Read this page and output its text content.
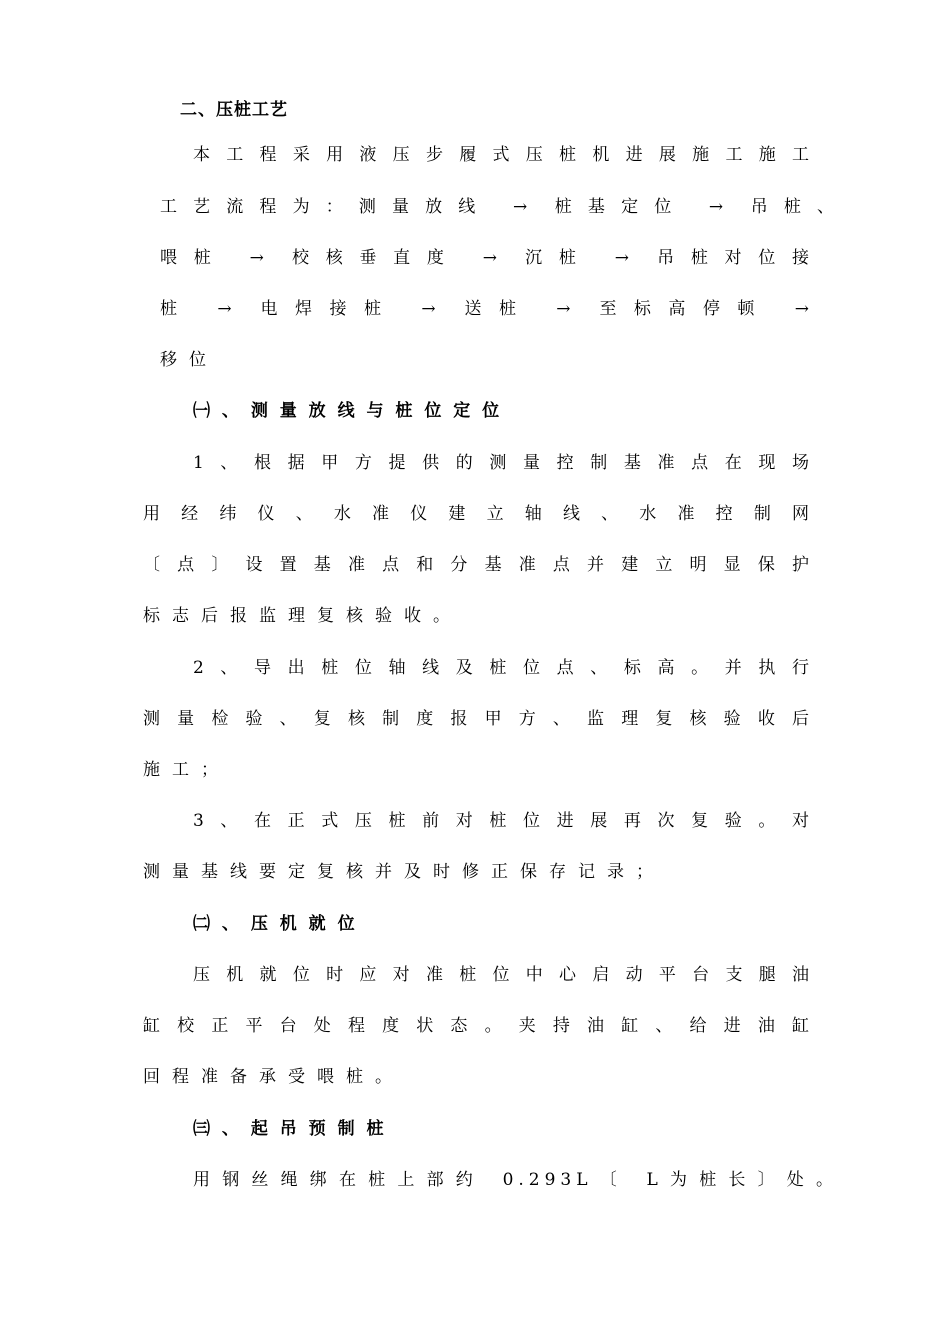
二、压桩工艺
本工程采用液压步履式压桩机进展施工施工
工艺流程为：测量放线 → 桩基定位 → 吊桩、
喂桩 → 校核垂直度 → 沉桩 → 吊桩对位接
桩 → 电焊接桩 → 送桩 → 至标高停顿 →
移位
㈠ 、 测 量 放 线 与 桩 位 定 位
1、根据甲方提供的测量控制基准点在现场
用经纬仪、水准仪建立轴线、水准控制网
〔点〕设置基准点和分基准点并建立明显保护
标志后报监理复核验收。
2、导出桩位轴线及桩位点、标高。并执行
测量检验、复核制度报甲方、监理复核验收后
施工；
3、在正式压桩前对桩位进展再次复验。对
测量基线要定复核并及时修正保存记录；
㈡ 、 压 机 就 位
压机就位时应对准桩位中心启动平台支腿油
缸校正平台处程度状态。夹持油缸、给进油缸
回程准备承受喂桩。
㈢ 、 起 吊 预 制 桩
用钢丝绳绑在桩上部约 0.293L〔 L为桩长〕处。
